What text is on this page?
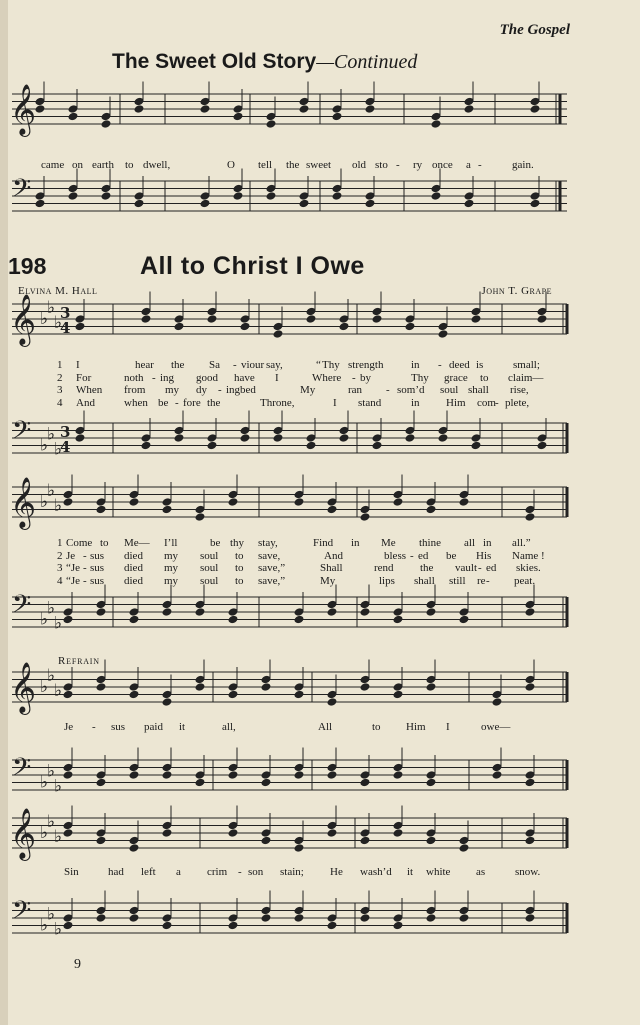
The Gospel
The Sweet Old Story—Continued
198	All to Christ I Owe
Elvina M. Hall	John T. Grape
Refrain
9
came on earth to dwell,	O tell the sweet old sto - ry once a -	gain.
1 I	hear the Sa - viour say,	“ Thy strength	in - deed is	small;
2 For	noth - ing good have I	Where - by	Thy grace to claim—
3 When from my dy - ing bed	My	ran - som’d soul shall rise,
4 And	when be - fore the	Throne,	I stand	in Him com - plete,
1 Come to Me— I’ll	be thy stay,	Find in Me thine all in all.”
2 Je - sus died my soul to save,	And	bless - ed be His Name !
3 “Je - sus died my soul to save,”	Shall	rend the vault - ed skies.
4 “Je - sus died my soul to save,”	My	lips shall still re - peat.
Je - sus paid it	all,	All	to Him I	owe—
Sin	had left a crim - son stain; He wash’d it white as	snow.
𝄞
𝄢
𝄞 ♭
♭
♭
3
4
𝄢 ♭
♭
♭
3
4
𝄞 ♭
♭
♭
𝄢 ♭
♭
♭
𝄞 ♭
♭
♭
𝄢 ♭
♭
♭
𝄞 ♭
♭
♭
𝄢 ♭
♭
♭
